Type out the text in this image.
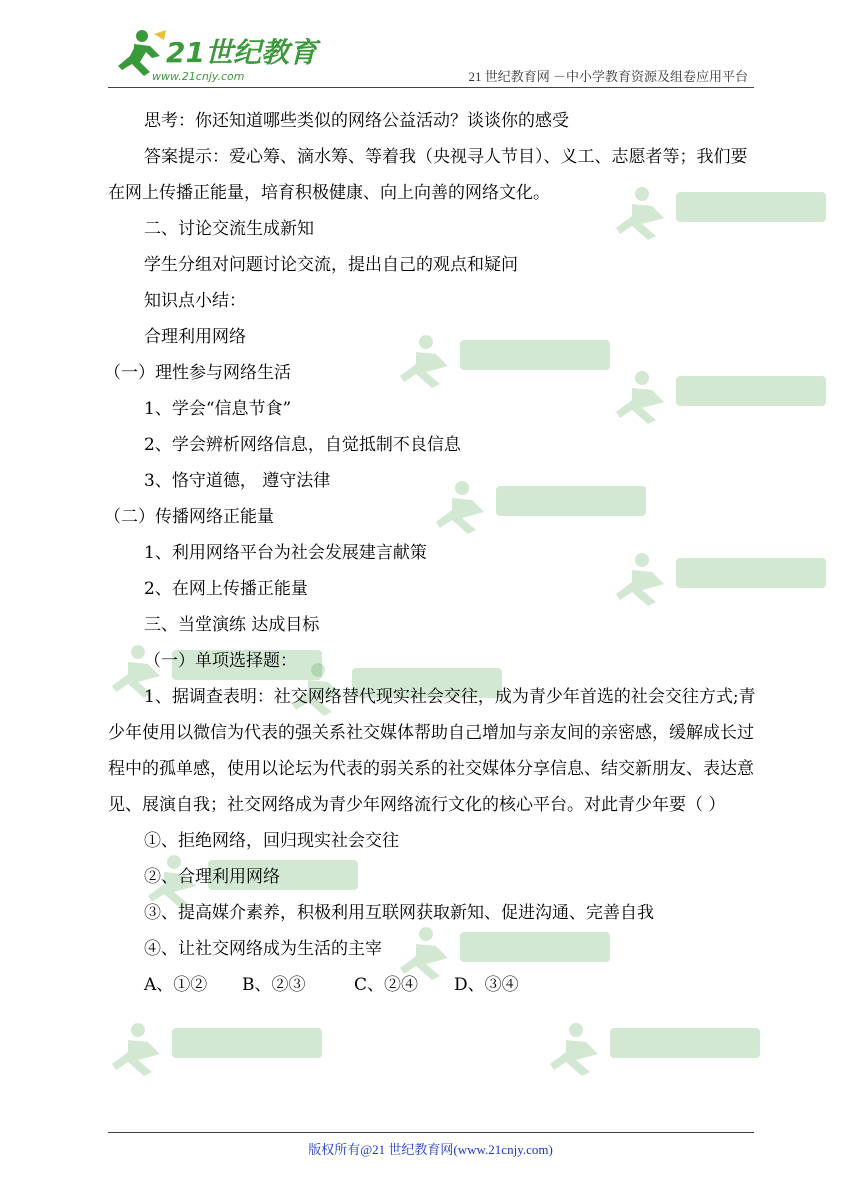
21世纪教育
www.21cnjy.com	21 世纪教育网 －中小学教育资源及组卷应用平台

思考：你还知道哪些类似的网络公益活动？谈谈你的感受

答案提示：爱心筹、滴水筹、等着我（央视寻人节目）、义工、志愿者等；我们要在网上传播正能量，培育积极健康、向上向善的网络文化。

二、讨论交流生成新知

学生分组对问题讨论交流，提出自己的观点和疑问

知识点小结：

合理利用网络

（一）理性参与网络生活

1、学会“信息节食”

2、学会辨析网络信息，自觉抵制不良信息

3、恪守道德， 遵守法律

（二）传播网络正能量

1、利用网络平台为社会发展建言献策

2、在网上传播正能量

三、当堂演练 达成目标

（一）单项选择题：

1、据调查表明：社交网络替代现实社会交往，成为青少年首选的社会交往方式;青少年使用以微信为代表的强关系社交媒体帮助自己增加与亲友间的亲密感，缓解成长过程中的孤单感，使用以论坛为代表的弱关系的社交媒体分享信息、结交新朋友、表达意见、展演自我；社交网络成为青少年网络流行文化的核心平台。对此青少年要（ ）

①、拒绝网络，回归现实社会交往

②、合理利用网络

③、提高媒介素养，积极利用互联网获取新知、促进沟通、完善自我

④、让社交网络成为生活的主宰

A、①②	B、②③	C、②④	D、③④

版权所有@21 世纪教育网(www.21cnjy.com)
